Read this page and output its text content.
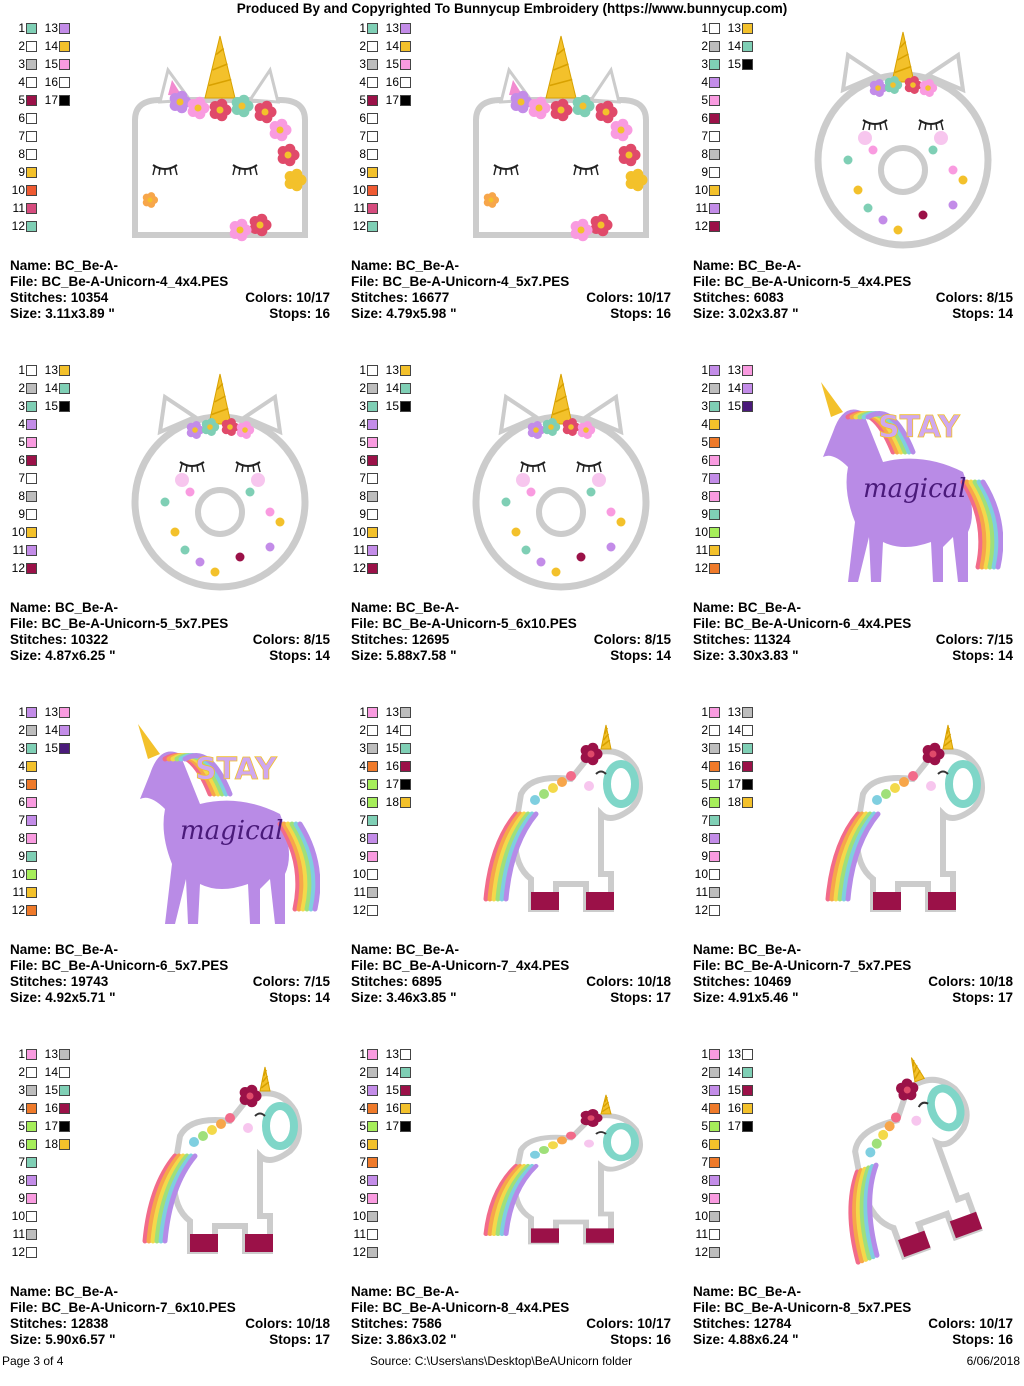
Produced By and Copyrighted To Bunnycup Embroidery (https://www.bunnycup.com)
1	13
2	14
3	15
4	16
5	17
6
7
8
9
10
11
12
Name: BC_Be-A-
File: BC_Be-A-Unicorn-4_4x4.PES
Stitches: 10354	Colors: 10/17
Size: 3.11x3.89 "	Stops: 16
1	13
2	14
3	15
4	16
5	17
6
7
8
9
10
11
12
Name: BC_Be-A-
File: BC_Be-A-Unicorn-4_5x7.PES
Stitches: 16677	Colors: 10/17
Size: 4.79x5.98 "	Stops: 16
1	13
2	14
3	15
4
5
6
7
8
9
10
11
12
Name: BC_Be-A-
File: BC_Be-A-Unicorn-5_4x4.PES
Stitches: 6083	Colors: 8/15
Size: 3.02x3.87 "	Stops: 14
1	13
2	14
3	15
4
5
6
7
8
9
10
11
12
Name: BC_Be-A-
File: BC_Be-A-Unicorn-5_5x7.PES
Stitches: 10322	Colors: 8/15
Size: 4.87x6.25 "	Stops: 14
1	13
2	14
3	15
4
5
6
7
8
9
10
11
12
Name: BC_Be-A-
File: BC_Be-A-Unicorn-5_6x10.PES
Stitches: 12695	Colors: 8/15
Size: 5.88x7.58 "	Stops: 14
1	13
2	14
3	15
4
5
6
7
8
9
10
11
12
STAY
magical
Name: BC_Be-A-
File: BC_Be-A-Unicorn-6_4x4.PES
Stitches: 11324	Colors: 7/15
Size: 3.30x3.83 "	Stops: 14
1	13
2	14
3	15
4
5
6
7
8
9
10
11
12
STAY
magical
Name: BC_Be-A-
File: BC_Be-A-Unicorn-6_5x7.PES
Stitches: 19743	Colors: 7/15
Size: 4.92x5.71 "	Stops: 14
1	13
2	14
3	15
4	16
5	17
6	18
7
8
9
10
11
12
Name: BC_Be-A-
File: BC_Be-A-Unicorn-7_4x4.PES
Stitches: 6895	Colors: 10/18
Size: 3.46x3.85 "	Stops: 17
1	13
2	14
3	15
4	16
5	17
6	18
7
8
9
10
11
12
Name: BC_Be-A-
File: BC_Be-A-Unicorn-7_5x7.PES
Stitches: 10469	Colors: 10/18
Size: 4.91x5.46 "	Stops: 17
1	13
2	14
3	15
4	16
5	17
6	18
7
8
9
10
11
12
Name: BC_Be-A-
File: BC_Be-A-Unicorn-7_6x10.PES
Stitches: 12838	Colors: 10/18
Size: 5.90x6.57 "	Stops: 17
1	13
2	14
3	15
4	16
5	17
6
7
8
9
10
11
12
Name: BC_Be-A-
File: BC_Be-A-Unicorn-8_4x4.PES
Stitches: 7586	Colors: 10/17
Size: 3.86x3.02 "	Stops: 16
1	13
2	14
3	15
4	16
5	17
6
7
8
9
10
11
12
Name: BC_Be-A-
File: BC_Be-A-Unicorn-8_5x7.PES
Stitches: 12784	Colors: 10/17
Size: 4.88x6.24 "	Stops: 16
Page 3 of 4	Source: C:\Users\ans\Desktop\BeAUnicorn folder	6/06/2018
